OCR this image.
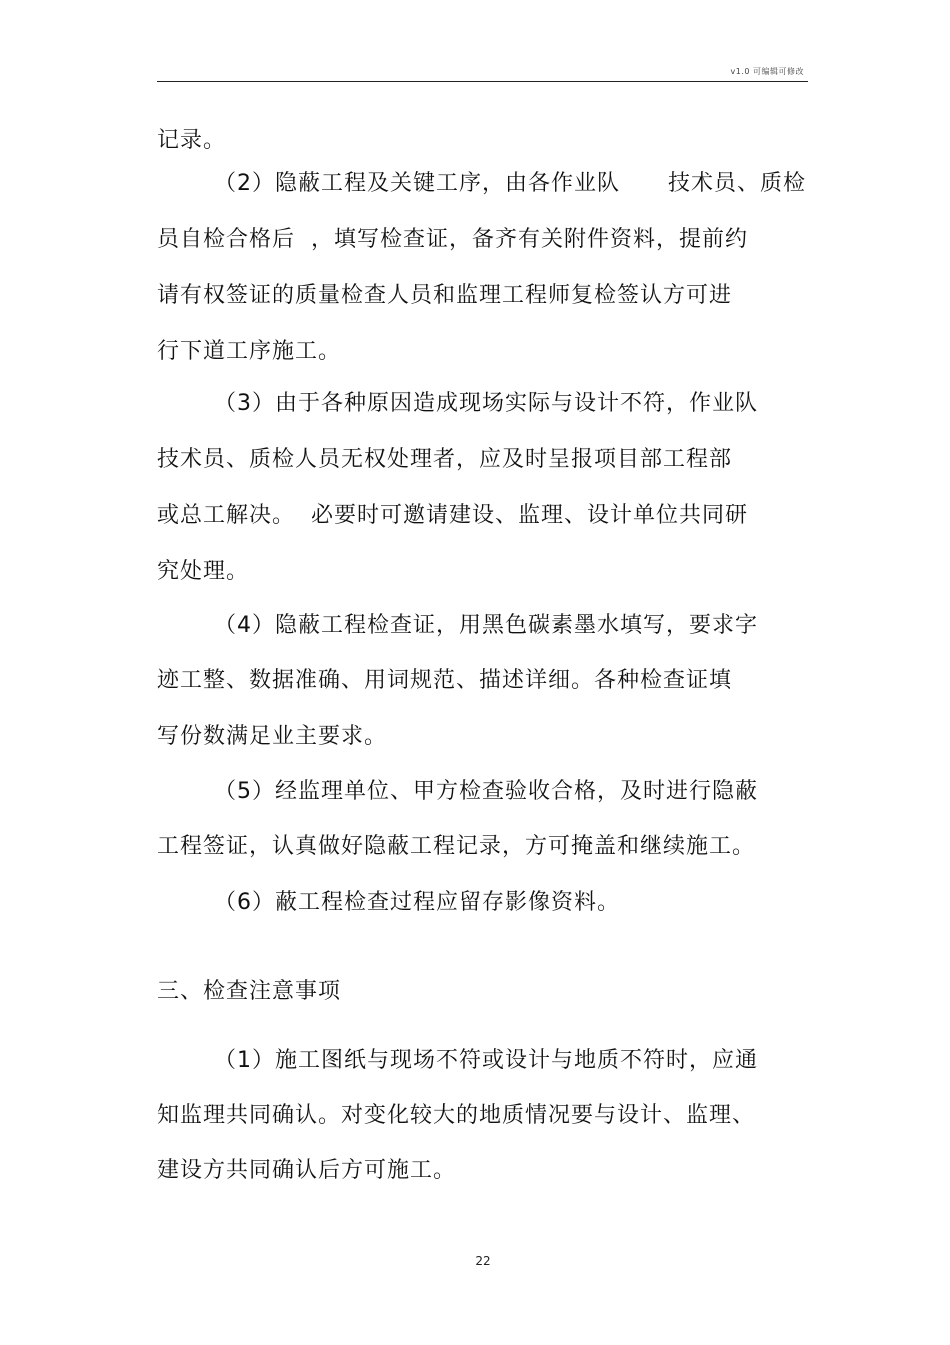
v1.0 可编辑可修改
记录。
（2）隐蔽工程及关键工序，由各作业队      技术员、质检
员自检合格后  ，填写检查证，备齐有关附件资料，提前约
请有权签证的质量检查人员和监理工程师复检签认方可进
行下道工序施工。
（3）由于各种原因造成现场实际与设计不符，作业队
技术员、质检人员无权处理者，应及时呈报项目部工程部
或总工解决。  必要时可邀请建设、监理、设计单位共同研
究处理。
（4）隐蔽工程检查证，用黑色碳素墨水填写，要求字
迹工整、数据准确、用词规范、描述详细。各种检查证填
写份数满足业主要求。
（5）经监理单位、甲方检查验收合格，及时进行隐蔽
工程签证，认真做好隐蔽工程记录，方可掩盖和继续施工。
（6）蔽工程检查过程应留存影像资料。
三、检查注意事项
（1）施工图纸与现场不符或设计与地质不符时，应通
知监理共同确认。对变化较大的地质情况要与设计、监理、
建设方共同确认后方可施工。
22
